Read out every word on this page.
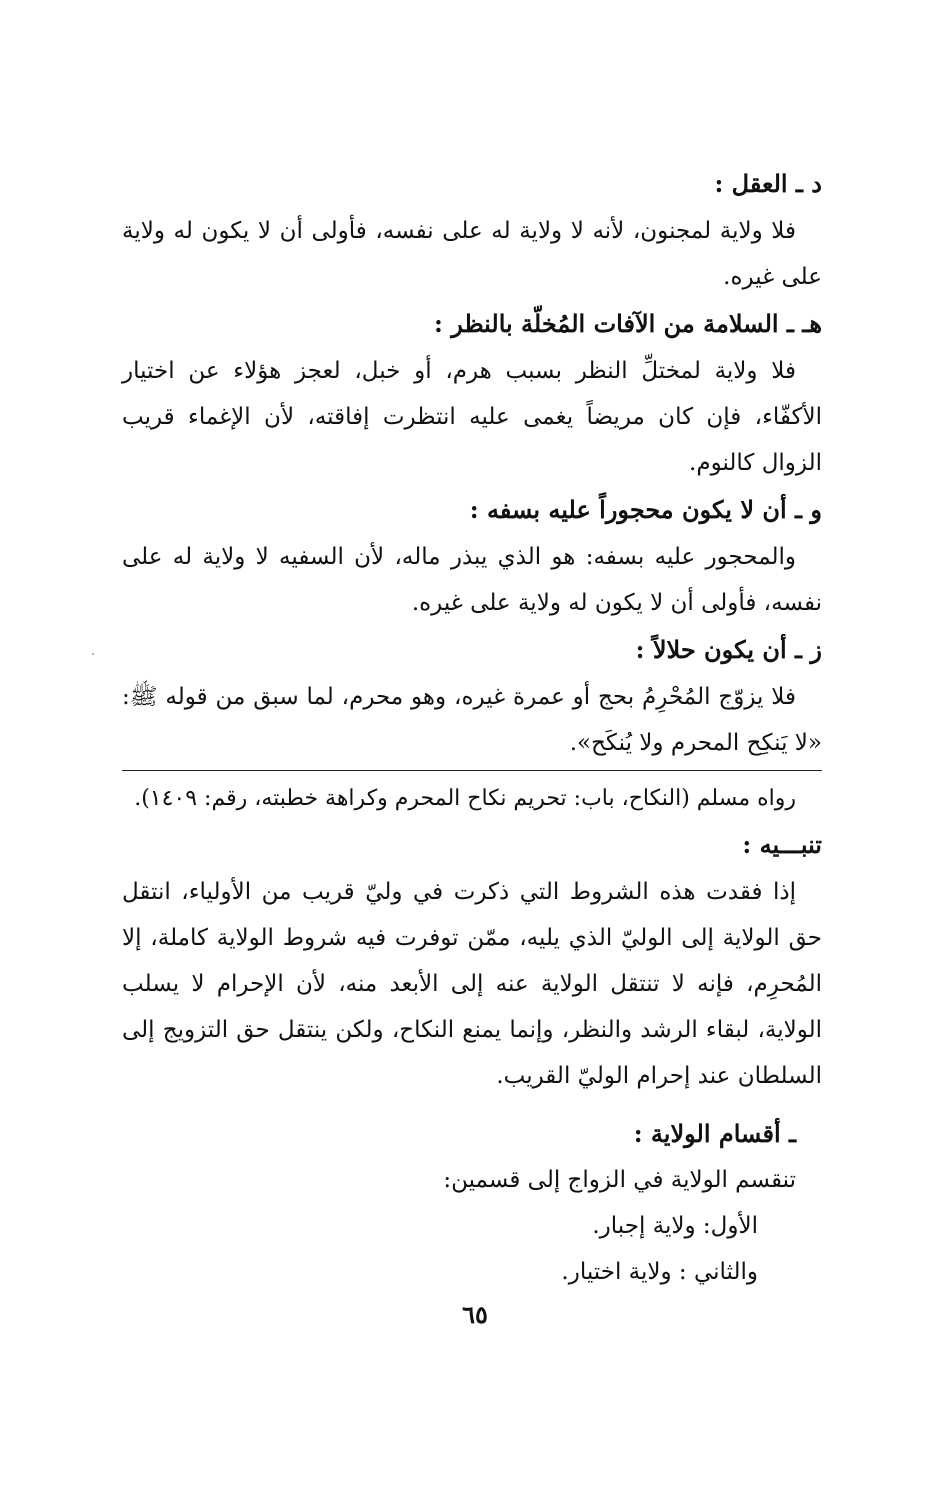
د ـ العقل :

فلا ولاية لمجنون، لأنه لا ولاية له على نفسه، فأولى أن لا يكون له ولاية على غيره.

هـ ـ السلامة من الآفات المُخلّة بالنظر :

فلا ولاية لمختلِّ النظر بسبب هرم، أو خبل، لعجز هؤلاء عن اختيار الأكفّاء، فإن كان مريضاً يغمى عليه انتظرت إفاقته، لأن الإغماء قريب الزوال كالنوم.

و ـ أن لا يكون محجوراً عليه بسفه :

والمحجور عليه بسفه: هو الذي يبذر ماله، لأن السفيه لا ولاية له على نفسه، فأولى أن لا يكون له ولاية على غيره.

ز ـ أن يكون حلالاً :

فلا يزوّج المُحْرِمُ بحج أو عمرة غيره، وهو محرم، لما سبق من قوله ﷺ: «لا يَنكِح المحرم ولا يُنكَح».

رواه مسلم (النكاح، باب: تحريم نكاح المحرم وكراهة خطبته، رقم: ١٤٠٩).

تنبـــيه :

إذا فقدت هذه الشروط التي ذكرت في وليّ قريب من الأولياء، انتقل حق الولاية إلى الوليّ الذي يليه، ممّن توفرت فيه شروط الولاية كاملة، إلا المُحرِم، فإنه لا تنتقل الولاية عنه إلى الأبعد منه، لأن الإحرام لا يسلب الولاية، لبقاء الرشد والنظر، وإنما يمنع النكاح، ولكن ينتقل حق التزويج إلى السلطان عند إحرام الوليّ القريب.

ـ أقسام الولاية :

تنقسم الولاية في الزواج إلى قسمين:

الأول: ولاية إجبار.

والثاني : ولاية اختيار.

٦٥
